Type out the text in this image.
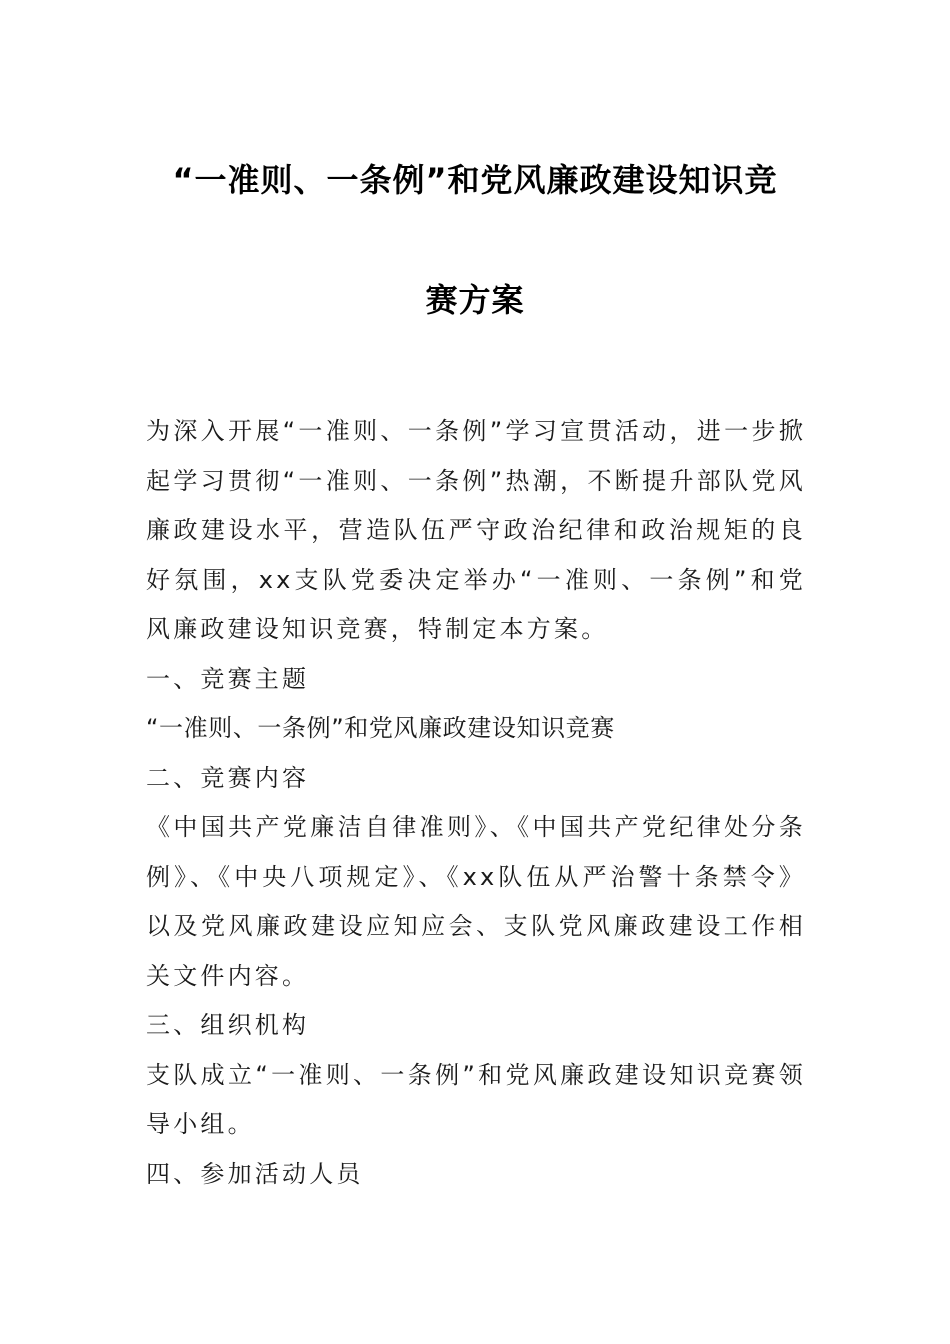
“一准则、一条例”和党风廉政建设知识竞
赛方案

为深入开展“一准则、一条例”学习宣贯活动，进一步掀起学习贯彻“一准则、一条例”热潮，不断提升部队党风廉政建设水平，营造队伍严守政治纪律和政治规矩的良好氛围，xx支队党委决定举办“一准则、一条例”和党风廉政建设知识竞赛，特制定本方案。

一、竞赛主题

“一准则、一条例”和党风廉政建设知识竞赛

二、竞赛内容

《中国共产党廉洁自律准则》、《中国共产党纪律处分条例》、《中央八项规定》、《xx队伍从严治警十条禁令》以及党风廉政建设应知应会、支队党风廉政建设工作相关文件内容。

三、组织机构

支队成立“一准则、一条例”和党风廉政建设知识竞赛领导小组。

四、参加活动人员
